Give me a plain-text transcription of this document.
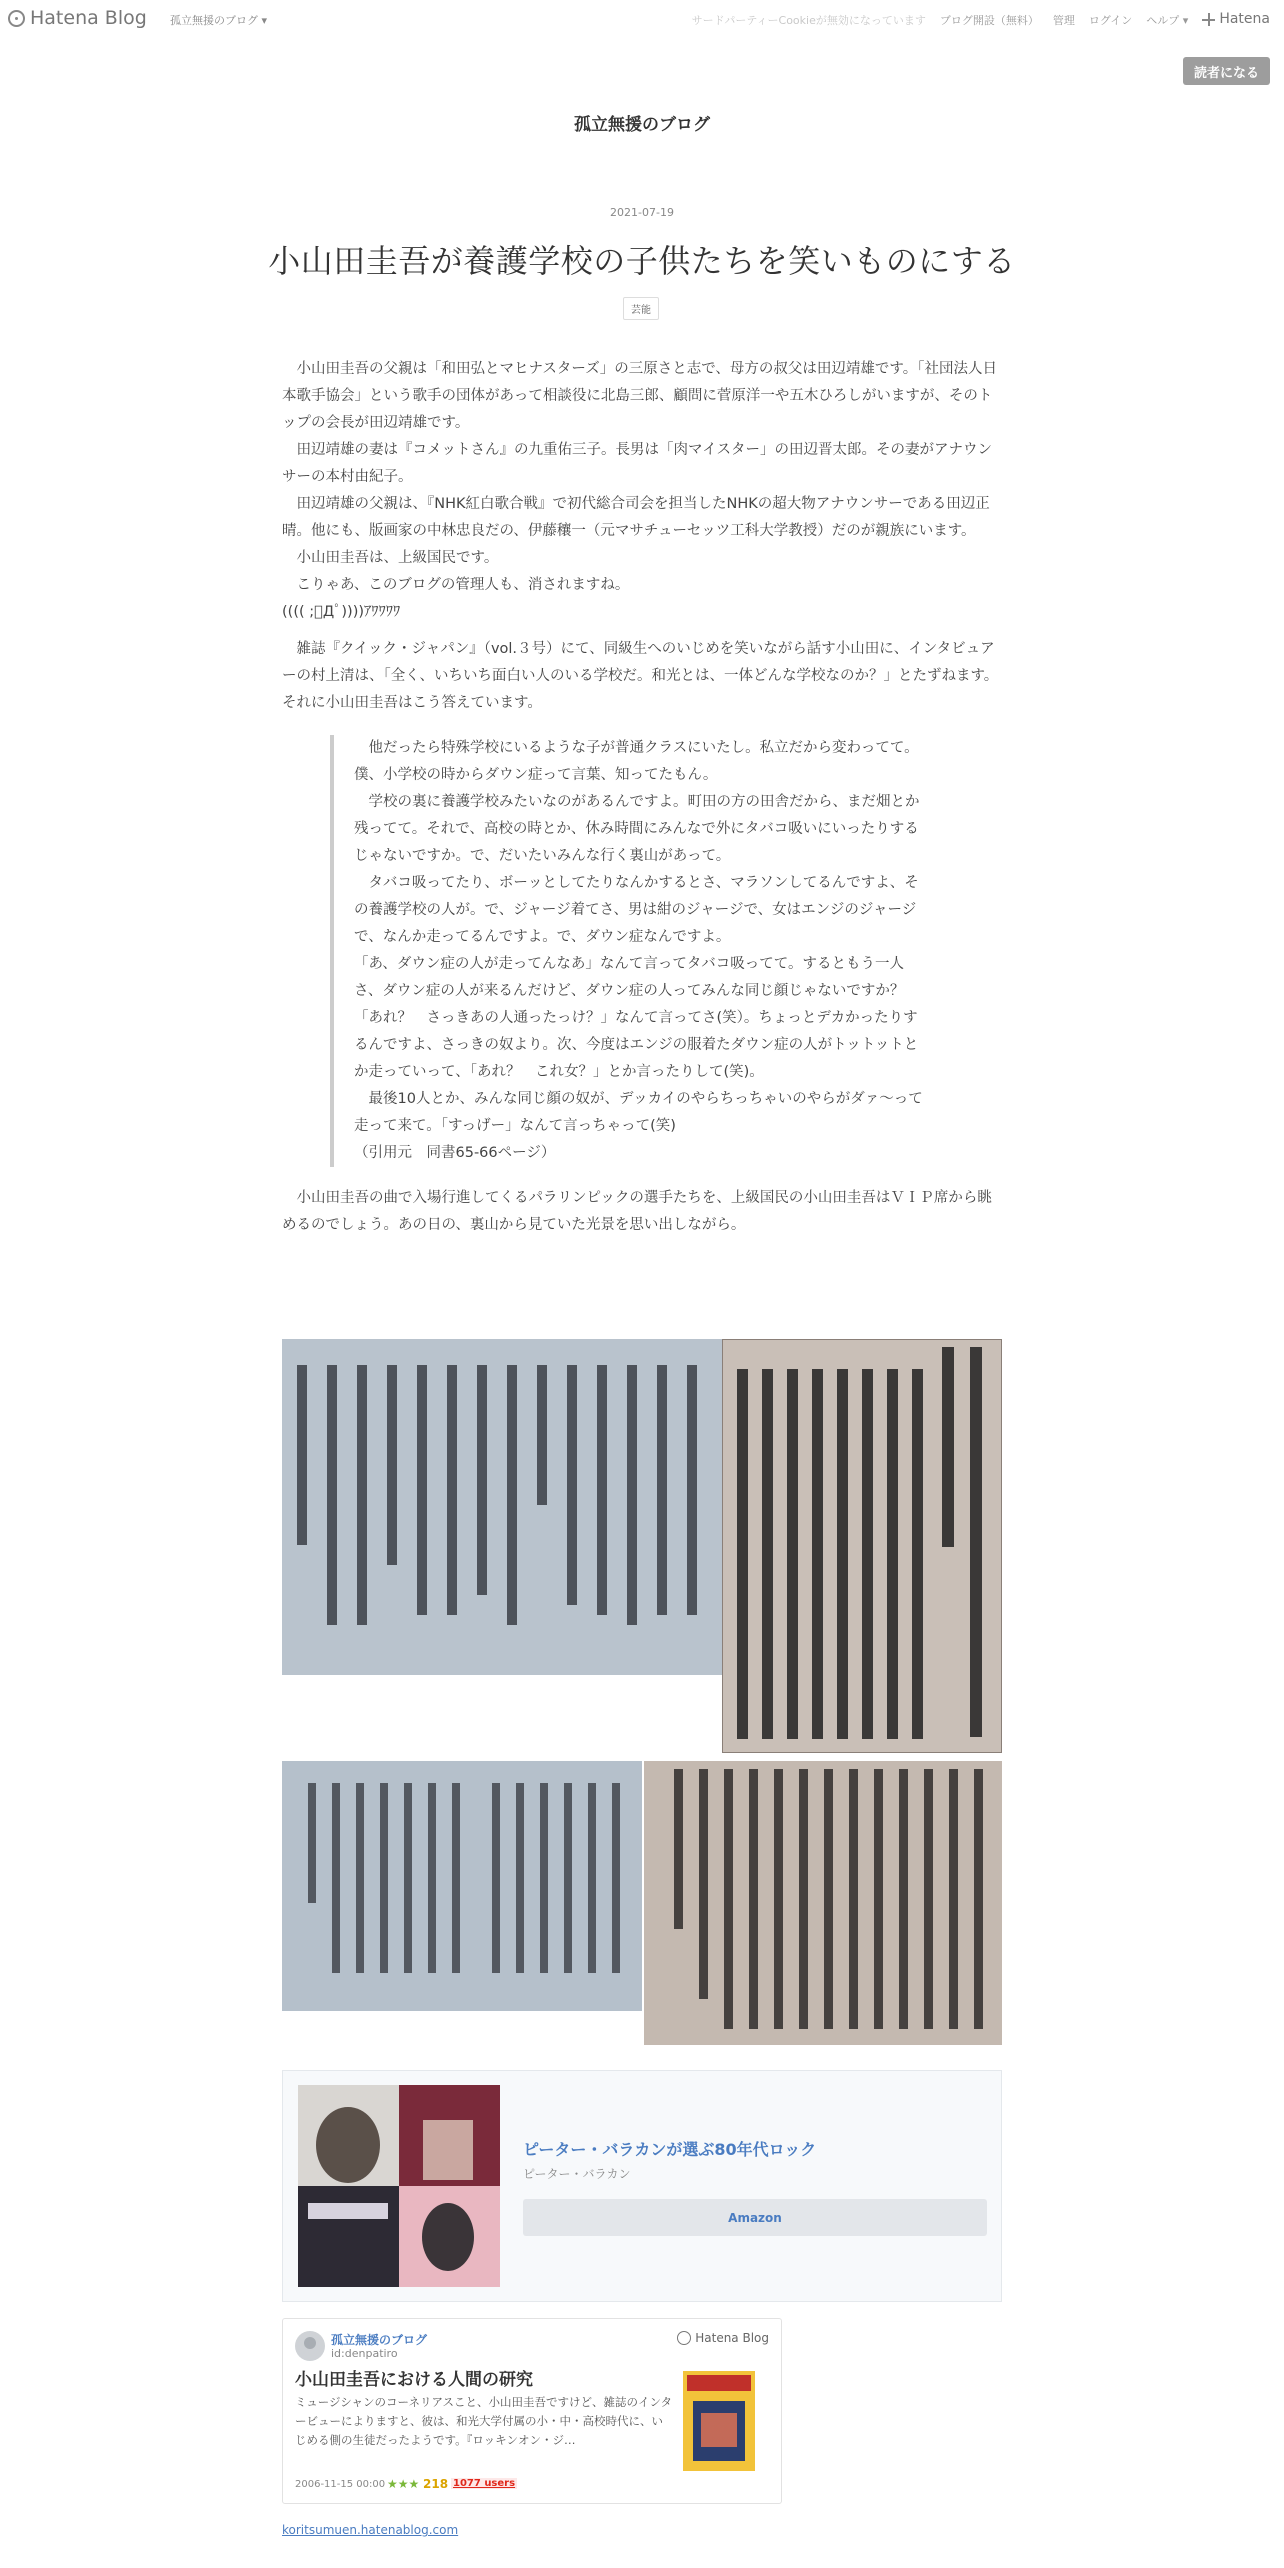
Hatena Blog 孤立無援のブログ ▾	サードパーティーCookieが無効になっています ブログ開設（無料） 管理 ログイン ヘルプ ▾ Hatena
読者になる
孤立無援のブログ
2021-07-19
小山田圭吾が養護学校の子供たちを笑いものにする
芸能

　小山田圭吾の父親は「和田弘とマヒナスターズ」の三原さと志で、母方の叔父は田辺靖雄です。「社団法人日本歌手協会」という歌手の団体があって相談役に北島三郎、顧問に菅原洋一や五木ひろしがいますが、そのトップの会長が田辺靖雄です。

　田辺靖雄の妻は『コメットさん』の九重佑三子。長男は「肉マイスター」の田辺晋太郎。その妻がアナウンサーの本村由紀子。

　田辺靖雄の父親は、『NHK紅白歌合戦』で初代総合司会を担当したNHKの超大物アナウンサーである田辺正晴。他にも、版画家の中林忠良だの、伊藤穰一（元マサチューセッツ工科大学教授）だのが親族にいます。

　小山田圭吾は、上級国民です。

　こりゃあ、このブログの管理人も、消されますね。

(((( ;ﾟДﾟ))))ｱﾜﾜﾜﾜ

　雑誌『クイック・ジャパン』（vol.３号）にて、同級生へのいじめを笑いながら話す小山田に、インタビュアーの村上清は、「全く、いちいち面白い人のいる学校だ。和光とは、一体どんな学校なのか？」とたずねます。それに小山田圭吾はこう答えています。

　他だったら特殊学校にいるような子が普通クラスにいたし。私立だから変わってて。僕、小学校の時からダウン症って言葉、知ってたもん。

　学校の裏に養護学校みたいなのがあるんですよ。町田の方の田舎だから、まだ畑とか残ってて。それで、高校の時とか、休み時間にみんなで外にタバコ吸いにいったりするじゃないですか。で、だいたいみんな行く裏山があって。

　タバコ吸ってたり、ボーッとしてたりなんかするとさ、マラソンしてるんですよ、その養護学校の人が。で、ジャージ着てさ、男は紺のジャージで、女はエンジのジャージで、なんか走ってるんですよ。で、ダウン症なんですよ。

「あ、ダウン症の人が走ってんなあ」なんて言ってタバコ吸ってて。するともう一人さ、ダウン症の人が来るんだけど、ダウン症の人ってみんな同じ顔じゃないですか？

「あれ？　さっきあの人通ったっけ？」なんて言ってさ(笑）。ちょっとデカかったりするんですよ、さっきの奴より。次、今度はエンジの服着たダウン症の人がトットットとか走っていって、「あれ？　これ女？」とか言ったりして(笑)。

　最後10人とか、みんな同じ顔の奴が、デッカイのやらちっちゃいのやらがダァ〜って走って来て。「すっげー」なんて言っちゃって(笑)

（引用元　同書65-66ページ）

　小山田圭吾の曲で入場行進してくるパラリンピックの選手たちを、上級国民の小山田圭吾はＶＩＰ席から眺めるのでしょう。あの日の、裏山から見ていた光景を思い出しながら。

ピーター・バラカンが選ぶ80年代ロック
ピーター・バラカン
Amazon
孤立無援のブログ
id:denpatiro
Hatena Blog
小山田圭吾における人間の研究
ミュージシャンのコーネリアスこと、小山田圭吾ですけど、雑誌のインタービューによりますと、彼は、和光大学付属の小・中・高校時代に、いじめる側の生徒だったようです。『ロッキンオン・ジ…
2006-11-15 00:00 ★★★ 218 1077 users
koritsumuen.hatenablog.com
